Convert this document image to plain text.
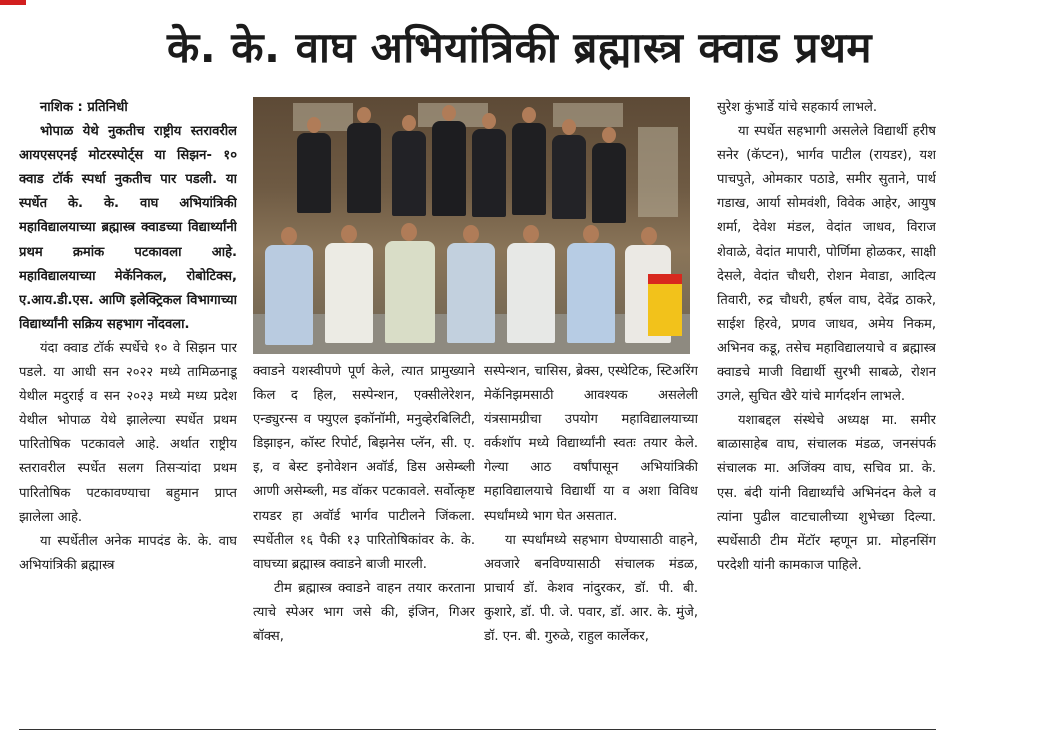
के. के. वाघ अभियांत्रिकी ब्रह्मास्त्र क्वाड प्रथम

नाशिक : प्रतिनिधी

भोपाळ येथे नुकतीच राष्ट्रीय स्तरावरील आयएसएनई मोटरस्पोर्ट्स या सिझन- १० क्वाड टॉर्क स्पर्धा नुकतीच पार पडली. या स्पर्धेत के. के. वाघ अभियांत्रिकी महाविद्यालयाच्या ब्रह्मास्त्र क्वाडच्या विद्यार्थ्यांनी प्रथम क्रमांक पटकावला आहे. महाविद्यालयाच्या मेकॅनिकल, रोबोटिक्स, ए.आय.डी.एस. आणि इलेक्ट्रिकल विभागाच्या विद्यार्थ्यांनी सक्रिय सहभाग नोंदवला.

यंदा क्वाड टॉर्क स्पर्धेचे १० वे सिझन पार पडले. या आधी सन २०२२ मध्ये तामिळनाडू येथील मदुराई व सन २०२३ मध्ये मध्य प्रदेश येथील भोपाळ येथे झालेल्या स्पर्धेत प्रथम पारितोषिक पटकावले आहे. अर्थात राष्ट्रीय स्तरावरील स्पर्धेत सलग तिसऱ्यांदा प्रथम पारितोषिक पटकावण्याचा बहुमान प्राप्त झालेला आहे.

या स्पर्धेतील अनेक मापदंड के. के. वाघ अभियांत्रिकी ब्रह्मास्त्र

क्वाडने यशस्वीपणे पूर्ण केले, त्यात प्रामुख्याने किल द हिल, सस्पेन्शन, एक्सीलेरेशन, एन्ड्युरन्स व फ्युएल इकॉनॉमी, मनुव्हेरबिलिटी, डिझाइन, कॉस्ट रिपोर्ट, बिझनेस प्लॅन, सी. ए. इ, व बेस्ट इनोवेशन अवॉर्ड, डिस असेम्ब्ली आणी असेम्ब्ली, मड वॉकर पटकावले. सर्वोत्कृष्ट रायडर हा अवॉर्ड भार्गव पाटीलने जिंकला. स्पर्धेतील १६ पैकी १३ पारितोषिकांवर के. के. वाघच्या ब्रह्मास्त्र क्वाडने बाजी मारली.

टीम ब्रह्मास्त्र क्वाडने वाहन तयार करताना त्याचे स्पेअर भाग जसे की, इंजिन, गिअर बॉक्स,

सस्पेन्शन, चासिस, ब्रेक्स, एस्थेटिक, स्टिअरिंग मेकॅनिझमसाठी आवश्यक असलेली यंत्रसामग्रीचा उपयोग महाविद्यालयाच्या वर्कशॉप मध्ये विद्यार्थ्यांनी स्वतः तयार केले. गेल्या आठ वर्षांपासून अभियांत्रिकी महाविद्यालयाचे विद्यार्थी या व अशा विविध स्पर्धांमध्ये भाग घेत असतात.

या स्पर्धांमध्ये सहभाग घेण्यासाठी वाहने, अवजारे बनविण्यासाठी संचालक मंडळ, प्राचार्य डॉ. केशव नांदुरकर, डॉ. पी. बी. कुशारे, डॉ. पी. जे. पवार, डॉ. आर. के. मुंजे, डॉ. एन. बी. गुरुळे, राहुल कार्लेकर,

सुरेश कुंभार्डे यांचे सहकार्य लाभले.

या स्पर्धेत सहभागी असलेले विद्यार्थी हरीष सनेर (कॅप्टन), भार्गव पाटील (रायडर), यश पाचपुते, ओमकार पठाडे, समीर सुताने, पार्थ गडाख, आर्या सोमवंशी, विवेक आहेर, आयुष शर्मा, देवेश मंडल, वेदांत जाधव, विराज शेवाळे, वेदांत मापारी, पोर्णिमा होळकर, साक्षी देसले, वेदांत चौधरी, रोशन मेवाडा, आदित्य तिवारी, रुद्र चौधरी, हर्षल वाघ, देवेंद्र ठाकरे, साईश हिरवे, प्रणव जाधव, अमेय निकम, अभिनव कडू, तसेच महाविद्यालयाचे व ब्रह्मास्त्र क्वाडचे माजी विद्यार्थी सुरभी साबळे, रोशन उगले, सुचित खैरे यांचे मार्गदर्शन लाभले.

यशाबद्दल संस्थेचे अध्यक्ष मा. समीर बाळासाहेब वाघ, संचालक मंडळ, जनसंपर्क संचालक मा. अजिंक्य वाघ, सचिव प्रा. के. एस. बंदी यांनी विद्यार्थ्यांचे अभिनंदन केले व त्यांना पुढील वाटचालीच्या शुभेच्छा दिल्या. स्पर्धेसाठी टीम मेंटॉर म्हणून प्रा. मोहनसिंग परदेशी यांनी कामकाज पाहिले.
